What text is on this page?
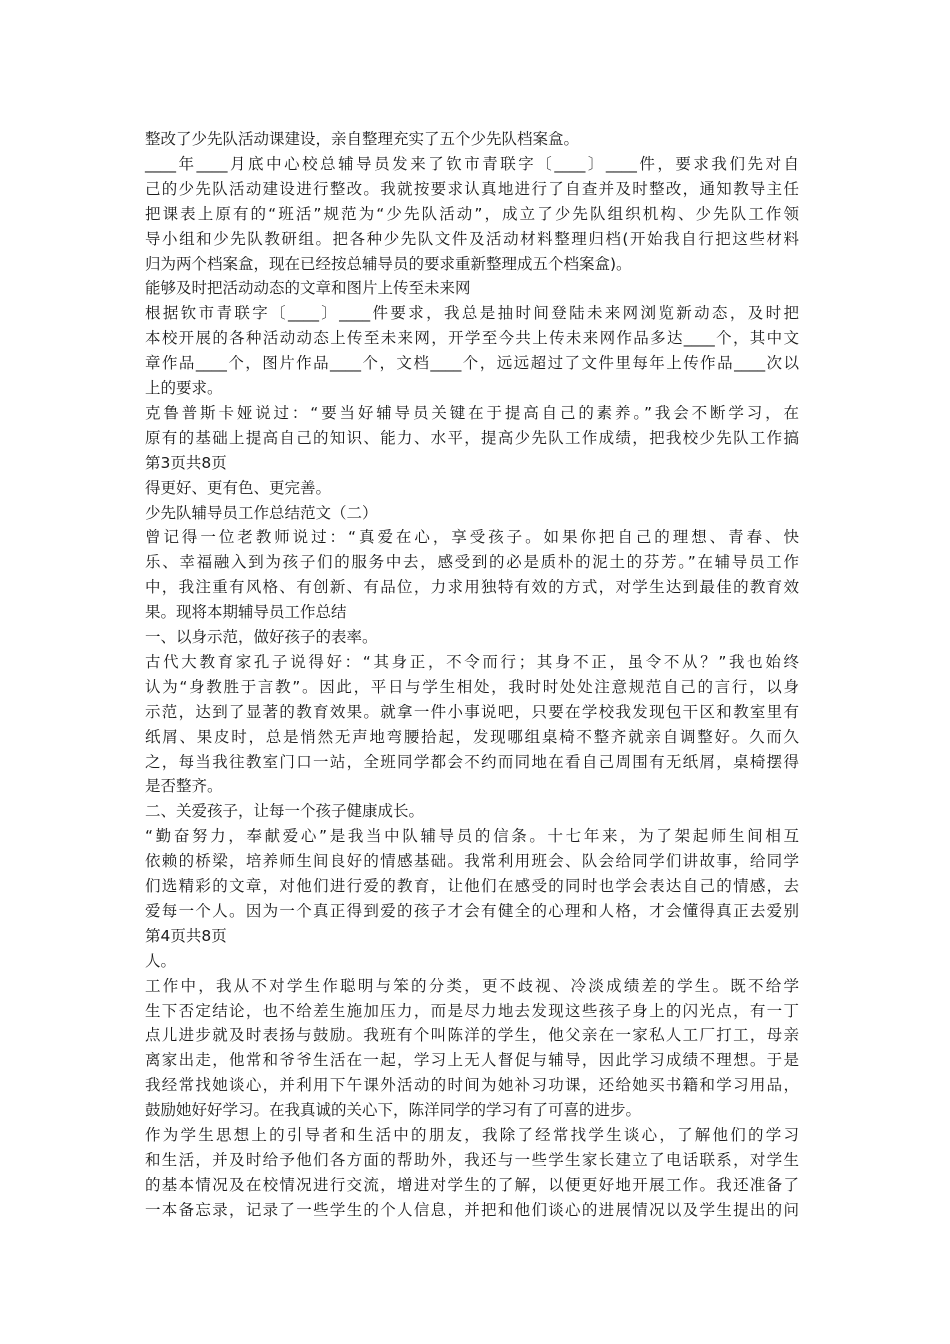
整改了少先队活动课建设，亲自整理充实了五个少先队档案盒。
____年____月底中心校总辅导员发来了钦市青联字〔____〕____件，要求我们先对自
己的少先队活动建设进行整改。我就按要求认真地进行了自查并及时整改，通知教导主任
把课表上原有的“班活”规范为“少先队活动”，成立了少先队组织机构、少先队工作领
导小组和少先队教研组。把各种少先队文件及活动材料整理归档(开始我自行把这些材料
归为两个档案盒，现在已经按总辅导员的要求重新整理成五个档案盒)。
能够及时把活动动态的文章和图片上传至未来网
根据钦市青联字〔____〕____件要求，我总是抽时间登陆未来网浏览新动态，及时把
本校开展的各种活动动态上传至未来网，开学至今共上传未来网作品多达____个，其中文
章作品____个，图片作品____个，文档____个，远远超过了文件里每年上传作品____次以
上的要求。
克鲁普斯卡娅说过：“要当好辅导员关键在于提高自己的素养。”我会不断学习，在
原有的基础上提高自己的知识、能力、水平，提高少先队工作成绩，把我校少先队工作搞
第3页共8页
得更好、更有色、更完善。
少先队辅导员工作总结范文（二）
曾记得一位老教师说过：“真爱在心，享受孩子。如果你把自己的理想、青春、快
乐、幸福融入到为孩子们的服务中去，感受到的必是质朴的泥土的芬芳。”在辅导员工作
中，我注重有风格、有创新、有品位，力求用独特有效的方式，对学生达到最佳的教育效
果。现将本期辅导员工作总结
一、以身示范，做好孩子的表率。
古代大教育家孔子说得好：“其身正，不令而行；其身不正，虽令不从？”我也始终
认为“身教胜于言教”。因此，平日与学生相处，我时时处处注意规范自己的言行，以身
示范，达到了显著的教育效果。就拿一件小事说吧，只要在学校我发现包干区和教室里有
纸屑、果皮时，总是悄然无声地弯腰拾起，发现哪组桌椅不整齐就亲自调整好。久而久
之，每当我往教室门口一站，全班同学都会不约而同地在看自己周围有无纸屑，桌椅摆得
是否整齐。
二、关爱孩子，让每一个孩子健康成长。
“勤奋努力，奉献爱心”是我当中队辅导员的信条。十七年来，为了架起师生间相互
依赖的桥梁，培养师生间良好的情感基础。我常利用班会、队会给同学们讲故事，给同学
们选精彩的文章，对他们进行爱的教育，让他们在感受的同时也学会表达自己的情感，去
爱每一个人。因为一个真正得到爱的孩子才会有健全的心理和人格，才会懂得真正去爱别
第4页共8页
人。
工作中，我从不对学生作聪明与笨的分类，更不歧视、冷淡成绩差的学生。既不给学
生下否定结论，也不给差生施加压力，而是尽力地去发现这些孩子身上的闪光点，有一丁
点儿进步就及时表扬与鼓励。我班有个叫陈洋的学生，他父亲在一家私人工厂打工，母亲
离家出走，他常和爷爷生活在一起，学习上无人督促与辅导，因此学习成绩不理想。于是
我经常找她谈心，并利用下午课外活动的时间为她补习功课，还给她买书籍和学习用品，
鼓励她好好学习。在我真诚的关心下，陈洋同学的学习有了可喜的进步。
作为学生思想上的引导者和生活中的朋友，我除了经常找学生谈心，了解他们的学习
和生活，并及时给予他们各方面的帮助外，我还与一些学生家长建立了电话联系，对学生
的基本情况及在校情况进行交流，增进对学生的了解，以便更好地开展工作。我还准备了
一本备忘录，记录了一些学生的个人信息，并把和他们谈心的进展情况以及学生提出的问
